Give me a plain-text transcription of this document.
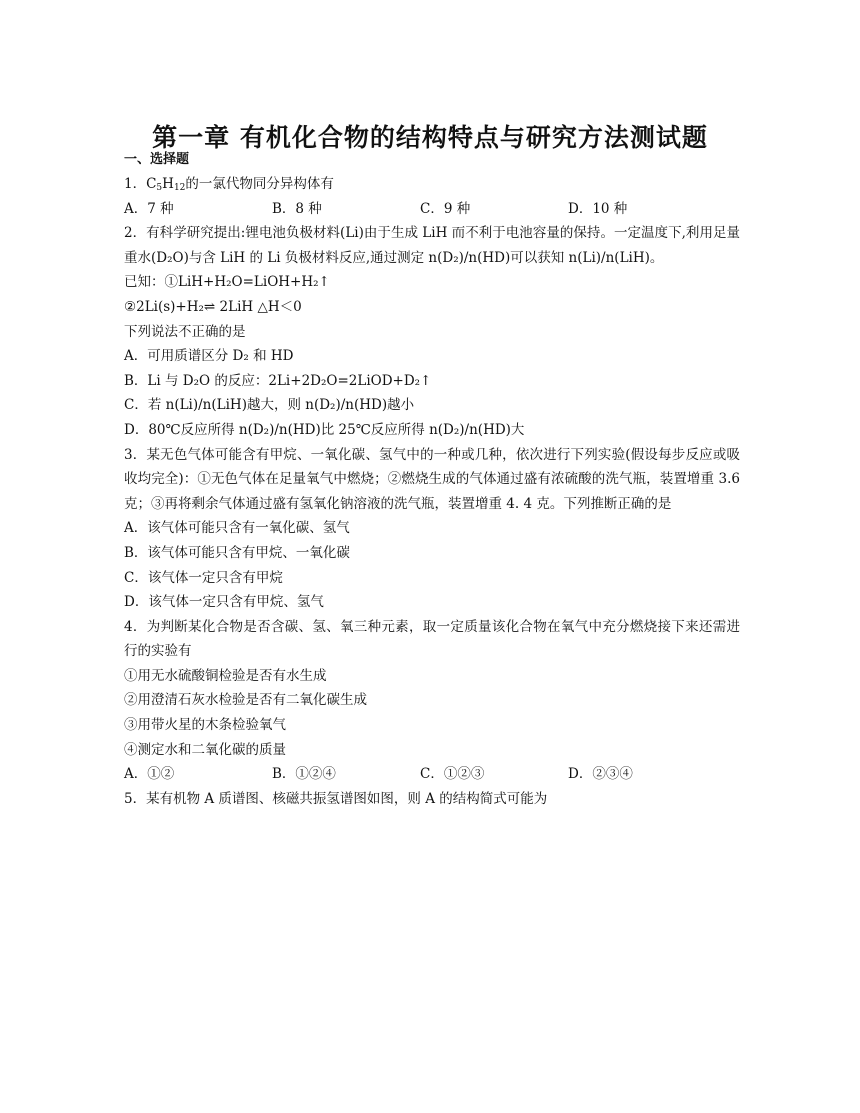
第一章 有机化合物的结构特点与研究方法测试题
一、选择题
1．$C_5H_{12}$的一氯代物同分异构体有
A．7 种	B．8 种	C．9 种	D．10 种
2．有科学研究提出:锂电池负极材料(Li)由于生成 LiH 而不利于电池容量的保持。一定温度下,利用足量重水(D₂O)与含 LiH 的 Li 负极材料反应,通过测定 n(D₂)/n(HD)可以获知 n(Li)/n(LiH)。
已知：①LiH+H₂O=LiOH+H₂↑
②2Li(s)+H₂⇌ 2LiH △H＜0
下列说法不正确的是
A．可用质谱区分 D₂ 和 HD
B．Li 与 D₂O 的反应：2Li+2D₂O=2LiOD+D₂↑
C．若 n(Li)/n(LiH)越大，则 n(D₂)/n(HD)越小
D．80℃反应所得 n(D₂)/n(HD)比 25℃反应所得 n(D₂)/n(HD)大
3．某无色气体可能含有甲烷、一氧化碳、氢气中的一种或几种，依次进行下列实验(假设每步反应或吸收均完全)：①无色气体在足量氧气中燃烧；②燃烧生成的气体通过盛有浓硫酸的洗气瓶，装置增重 3.6 克；③再将剩余气体通过盛有氢氧化钠溶液的洗气瓶，装置增重 4. 4 克。下列推断正确的是
A．该气体可能只含有一氧化碳、氢气
B．该气体可能只含有甲烷、一氧化碳
C．该气体一定只含有甲烷
D．该气体一定只含有甲烷、氢气
4．为判断某化合物是否含碳、氢、氧三种元素，取一定质量该化合物在氧气中充分燃烧接下来还需进行的实验有
①用无水硫酸铜检验是否有水生成
②用澄清石灰水检验是否有二氧化碳生成
③用带火星的木条检验氧气
④测定水和二氧化碳的质量
A．①②	B．①②④	C．①②③	D．②③④
5．某有机物 A 质谱图、核磁共振氢谱图如图，则 A 的结构简式可能为
